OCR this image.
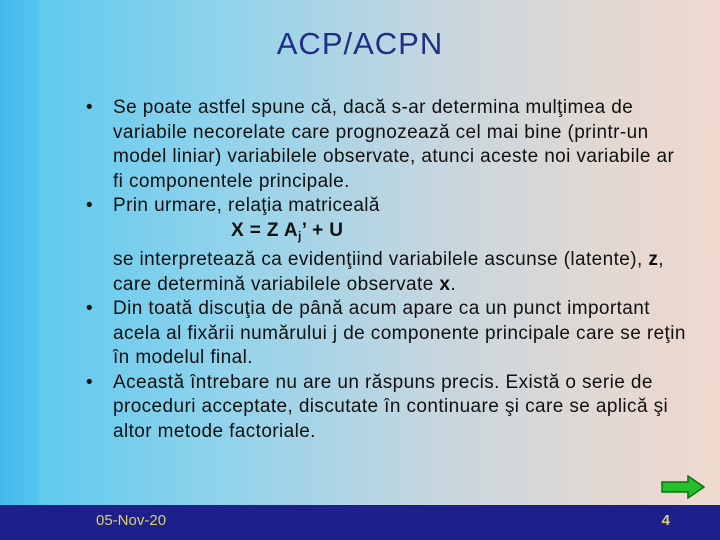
ACP/ACPN

• Se poate astfel spune că, dacă s-ar determina mulţimea de variabile necorelate care prognozează cel mai bine (printr-un model liniar) variabilele observate, atunci aceste noi variabile ar fi componentele principale.

• Prin urmare, relaţia matriceală
X = Z $A_j$’ + U
se interpretează ca evidenţiind variabilele ascunse (latente), z, care determină variabilele observate x.

• Din toată discuţia de până acum apare ca un punct important acela al fixării numărului j de componente principale care se reţin în modelul final.

• Această întrebare nu are un răspuns precis. Există o serie de proceduri acceptate, discutate în continuare şi care se aplică şi altor metode factoriale.

05-Nov-20	4
